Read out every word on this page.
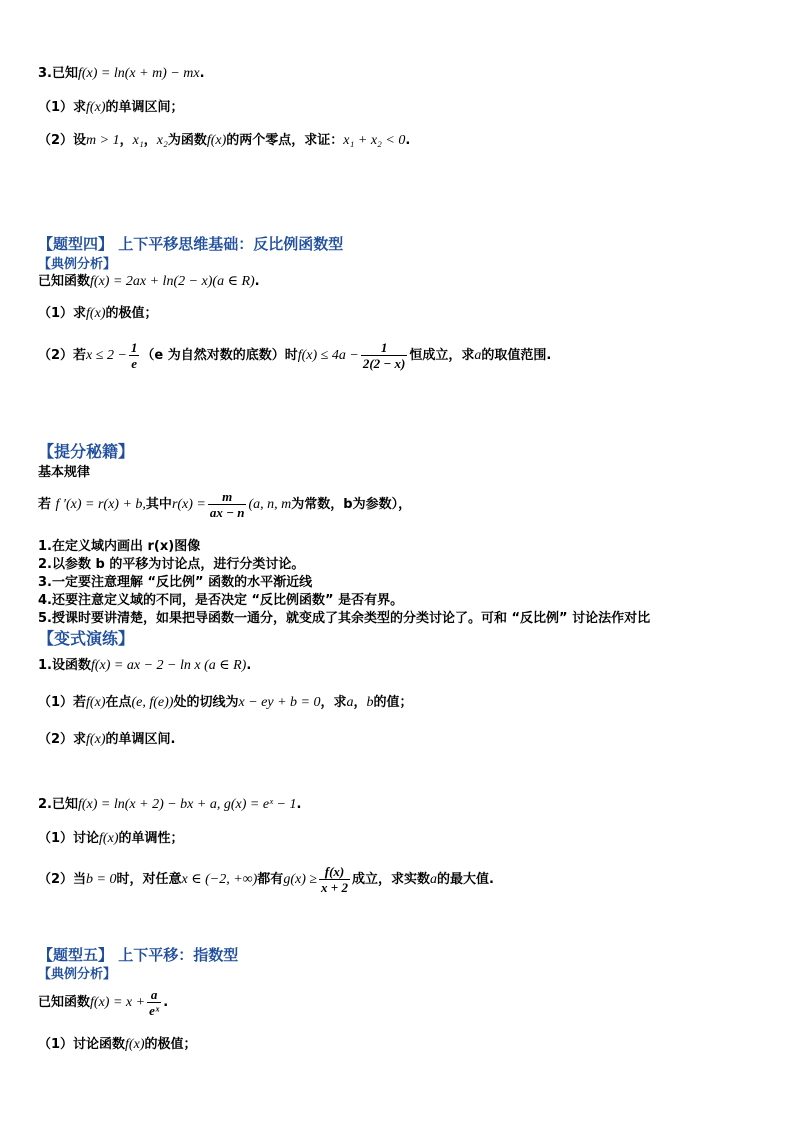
3.已知f(x) = ln(x + m) − mx.
（1）求f(x)的单调区间；
（2）设m > 1，x₁，x₂为函数f(x)的两个零点，求证：x₁ + x₂ < 0.
【题型四】 上下平移思维基础：反比例函数型
【典例分析】
已知函数f(x) = 2ax + ln(2 − x)(a ∈ R).
（1）求f(x)的极值；
（2）若$x \le 2 - \frac{1}{e} (e$ 为自然对数的底数）时$f(x) \le 4a - \frac{1}{2(2 - x)}$ 恒成立，求a的取值范围.
【提分秘籍】
基本规律
若 f ′(x) = r(x) + b,其中$r(x) = \frac{m}{ax - n} (a$, n, m为常数，b为参数），
1.在定义域内画出 r(x)图像
2.以参数 b 的平移为讨论点，进行分类讨论。
3.一定要注意理解 “反比例” 函数的水平渐近线
4.还要注意定义域的不同，是否决定 “反比例函数” 是否有界。
5.授课时要讲清楚，如果把导函数一通分，就变成了其余类型的分类讨论了。可和 “反比例” 讨论法作对比
【变式演练】
1.设函数f(x) = ax − 2 − ln x (a ∈ R).
（1）若f(x)在点(e, f(e))处的切线为x − ey + b = 0，求a，b的值；
（2）求f(x)的单调区间.
2.已知f(x) = ln(x + 2) − bx + a, g(x) = eˣ − 1.
（1）讨论f(x)的单调性；
（2）当b = 0时，对任意x ∈ (−2, +∞)都有$g(x) \ge \frac{f(x)}{x + 2}$ 成立，求实数a的最大值.
【题型五】 上下平移：指数型
【典例分析】
已知函数$f(x) = x + \frac{a}{\text{eˣ}}$ .
（1）讨论函数f(x)的极值；
